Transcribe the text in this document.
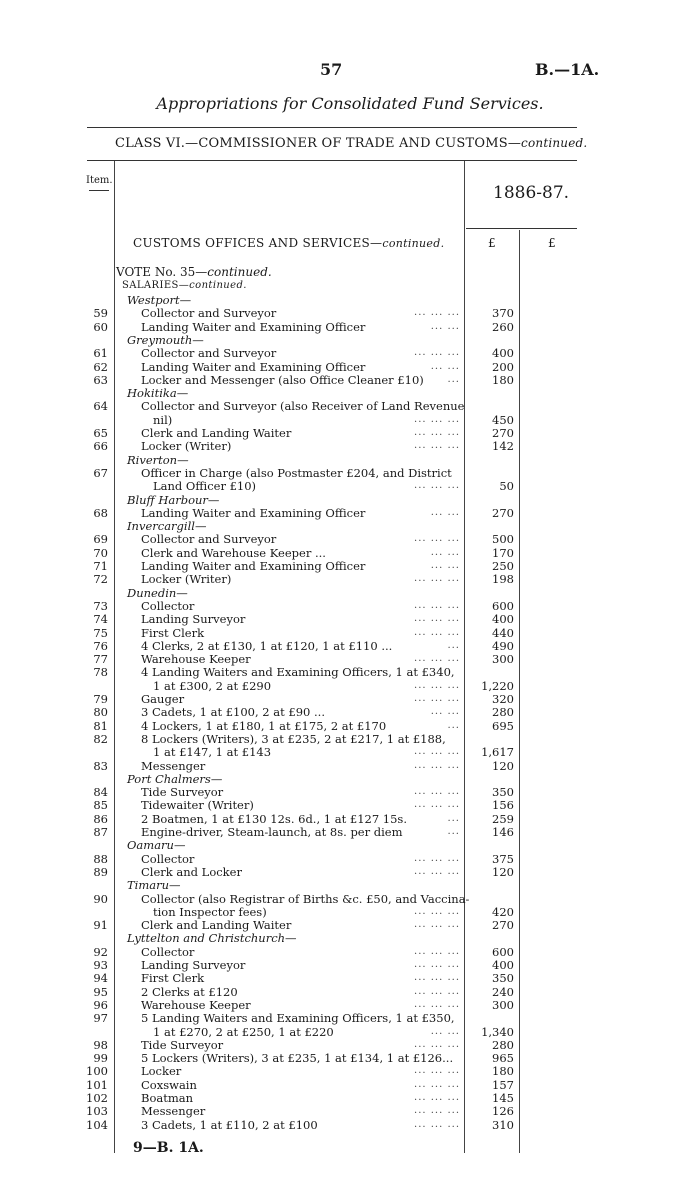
57	B.—1A.
Appropriations for Consolidated Fund Services.
CLASS VI.—COMMISSIONER OF TRADE AND CUSTOMS—continued.
Item.
1886-87.
CUSTOMS OFFICES AND SERVICES—continued.	£	£
VOTE No. 35—continued.
SALARIES—continued.
Westport—
59	Collector and Surveyor	... ... ...	370
60	Landing Waiter and Examining Officer	... ...	260
Greymouth—
61	Collector and Surveyor	... ... ...	400
62	Landing Waiter and Examining Officer	... ...	200
63	Locker and Messenger (also Office Cleaner £10)	...	180
Hokitika—
64	Collector and Surveyor (also Receiver of Land Revenue
nil)	... ... ...	450
65	Clerk and Landing Waiter	... ... ...	270
66	Locker (Writer)	... ... ...	142
Riverton—
67	Officer in Charge (also Postmaster £204, and District
Land Officer £10)	... ... ...	50
Bluff Harbour—
68	Landing Waiter and Examining Officer	... ...	270
Invercargill—
69	Collector and Surveyor	... ... ...	500
70	Clerk and Warehouse Keeper ...	... ...	170
71	Landing Waiter and Examining Officer	... ...	250
72	Locker (Writer)	... ... ...	198
Dunedin—
73	Collector	... ... ...	600
74	Landing Surveyor	... ... ...	400
75	First Clerk	... ... ...	440
76	4 Clerks, 2 at £130, 1 at £120, 1 at £110 ...	...	490
77	Warehouse Keeper	... ... ...	300
78	4 Landing Waiters and Examining Officers, 1 at £340,
1 at £300, 2 at £290	... ... ...	1,220
79	Gauger	... ... ...	320
80	3 Cadets, 1 at £100, 2 at £90 ...	... ...	280
81	4 Lockers, 1 at £180, 1 at £175, 2 at £170	...	695
82	8 Lockers (Writers), 3 at £235, 2 at £217, 1 at £188,
1 at £147, 1 at £143	... ... ...	1,617
83	Messenger	... ... ...	120
Port Chalmers—
84	Tide Surveyor	... ... ...	350
85	Tidewaiter (Writer)	... ... ...	156
86	2 Boatmen, 1 at £130 12s. 6d., 1 at £127 15s.	...	259
87	Engine-driver, Steam-launch, at 8s. per diem	...	146
Oamaru—
88	Collector	... ... ...	375
89	Clerk and Locker	... ... ...	120
Timaru—
90	Collector (also Registrar of Births &c. £50, and Vaccina-
tion Inspector fees)	... ... ...	420
91	Clerk and Landing Waiter	... ... ...	270
Lyttelton and Christchurch—
92	Collector	... ... ...	600
93	Landing Surveyor	... ... ...	400
94	First Clerk	... ... ...	350
95	2 Clerks at £120	... ... ...	240
96	Warehouse Keeper	... ... ...	300
97	5 Landing Waiters and Examining Officers, 1 at £350,
1 at £270, 2 at £250, 1 at £220	... ...	1,340
98	Tide Surveyor	... ... ...	280
99	5 Lockers (Writers), 3 at £235, 1 at £134, 1 at £126...	965
100	Locker	... ... ...	180
101	Coxswain	... ... ...	157
102	Boatman	... ... ...	145
103	Messenger	... ... ...	126
104	3 Cadets, 1 at £110, 2 at £100	... ... ...	310
9—B. 1A.
